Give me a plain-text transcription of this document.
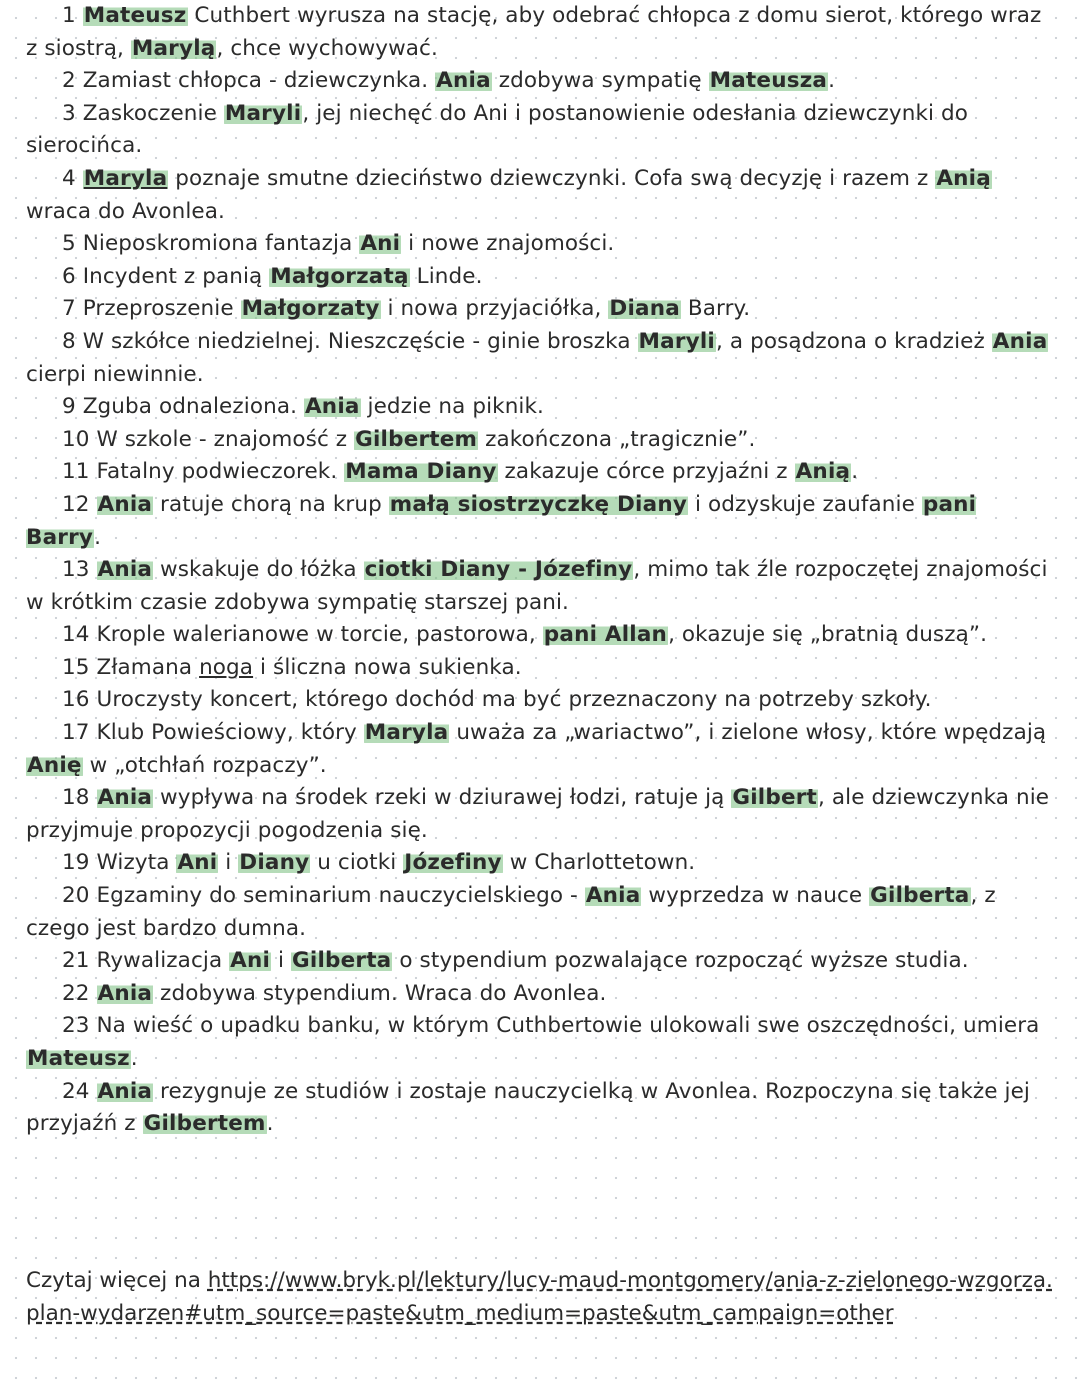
1 Mateusz Cuthbert wyrusza na stację, aby odebrać chłopca z domu sierot, którego wraz z siostrą, Marylą, chce wychowywać.
2 Zamiast chłopca - dziewczynka. Ania zdobywa sympatię Mateusza.
3 Zaskoczenie Maryli, jej niechęć do Ani i postanowienie odesłania dziewczynki do sierocińca.
4 Maryla poznaje smutne dzieciństwo dziewczynki. Cofa swą decyzję i razem z Anią wraca do Avonlea.
5 Nieposkromiona fantazja Ani i nowe znajomości.
6 Incydent z panią Małgorzatą Linde.
7 Przeproszenie Małgorzaty i nowa przyjaciółka, Diana Barry.
8 W szkółce niedzielnej. Nieszczęście - ginie broszka Maryli, a posądzona o kradzież Ania cierpi niewinnie.
9 Zguba odnaleziona. Ania jedzie na piknik.
10 W szkole - znajomość z Gilbertem zakończona „tragicznie”.
11 Fatalny podwieczorek. Mama Diany zakazuje córce przyjaźni z Anią.
12 Ania ratuje chorą na krup małą siostrzyczkę Diany i odzyskuje zaufanie pani Barry.
13 Ania wskakuje do łóżka ciotki Diany - Józefiny, mimo tak źle rozpoczętej znajomości w krótkim czasie zdobywa sympatię starszej pani.
14 Krople walerianowe w torcie, pastorowa, pani Allan, okazuje się „bratnią duszą”.
15 Złamana noga i śliczna nowa sukienka.
16 Uroczysty koncert, którego dochód ma być przeznaczony na potrzeby szkoły.
17 Klub Powieściowy, który Maryla uważa za „wariactwo”, i zielone włosy, które wpędzają Anię w „otchłań rozpaczy”.
18 Ania wypływa na środek rzeki w dziurawej łodzi, ratuje ją Gilbert, ale dziewczynka nie przyjmuje propozycji pogodzenia się.
19 Wizyta Ani i Diany u ciotki Józefiny w Charlottetown.
20 Egzaminy do seminarium nauczycielskiego - Ania wyprzedza w nauce Gilberta, z czego jest bardzo dumna.
21 Rywalizacja Ani i Gilberta o stypendium pozwalające rozpocząć wyższe studia.
22 Ania zdobywa stypendium. Wraca do Avonlea.
23 Na wieść o upadku banku, w którym Cuthbertowie ulokowali swe oszczędności, umiera Mateusz.
24 Ania rezygnuje ze studiów i zostaje nauczycielką w Avonlea. Rozpoczyna się także jej przyjaźń z Gilbertem.
Czytaj więcej na https://www.bryk.pl/lektury/lucy-maud-montgomery/ania-z-zielonego-wzgorza.plan-wydarzen#utm_source=paste&utm_medium=paste&utm_campaign=other
